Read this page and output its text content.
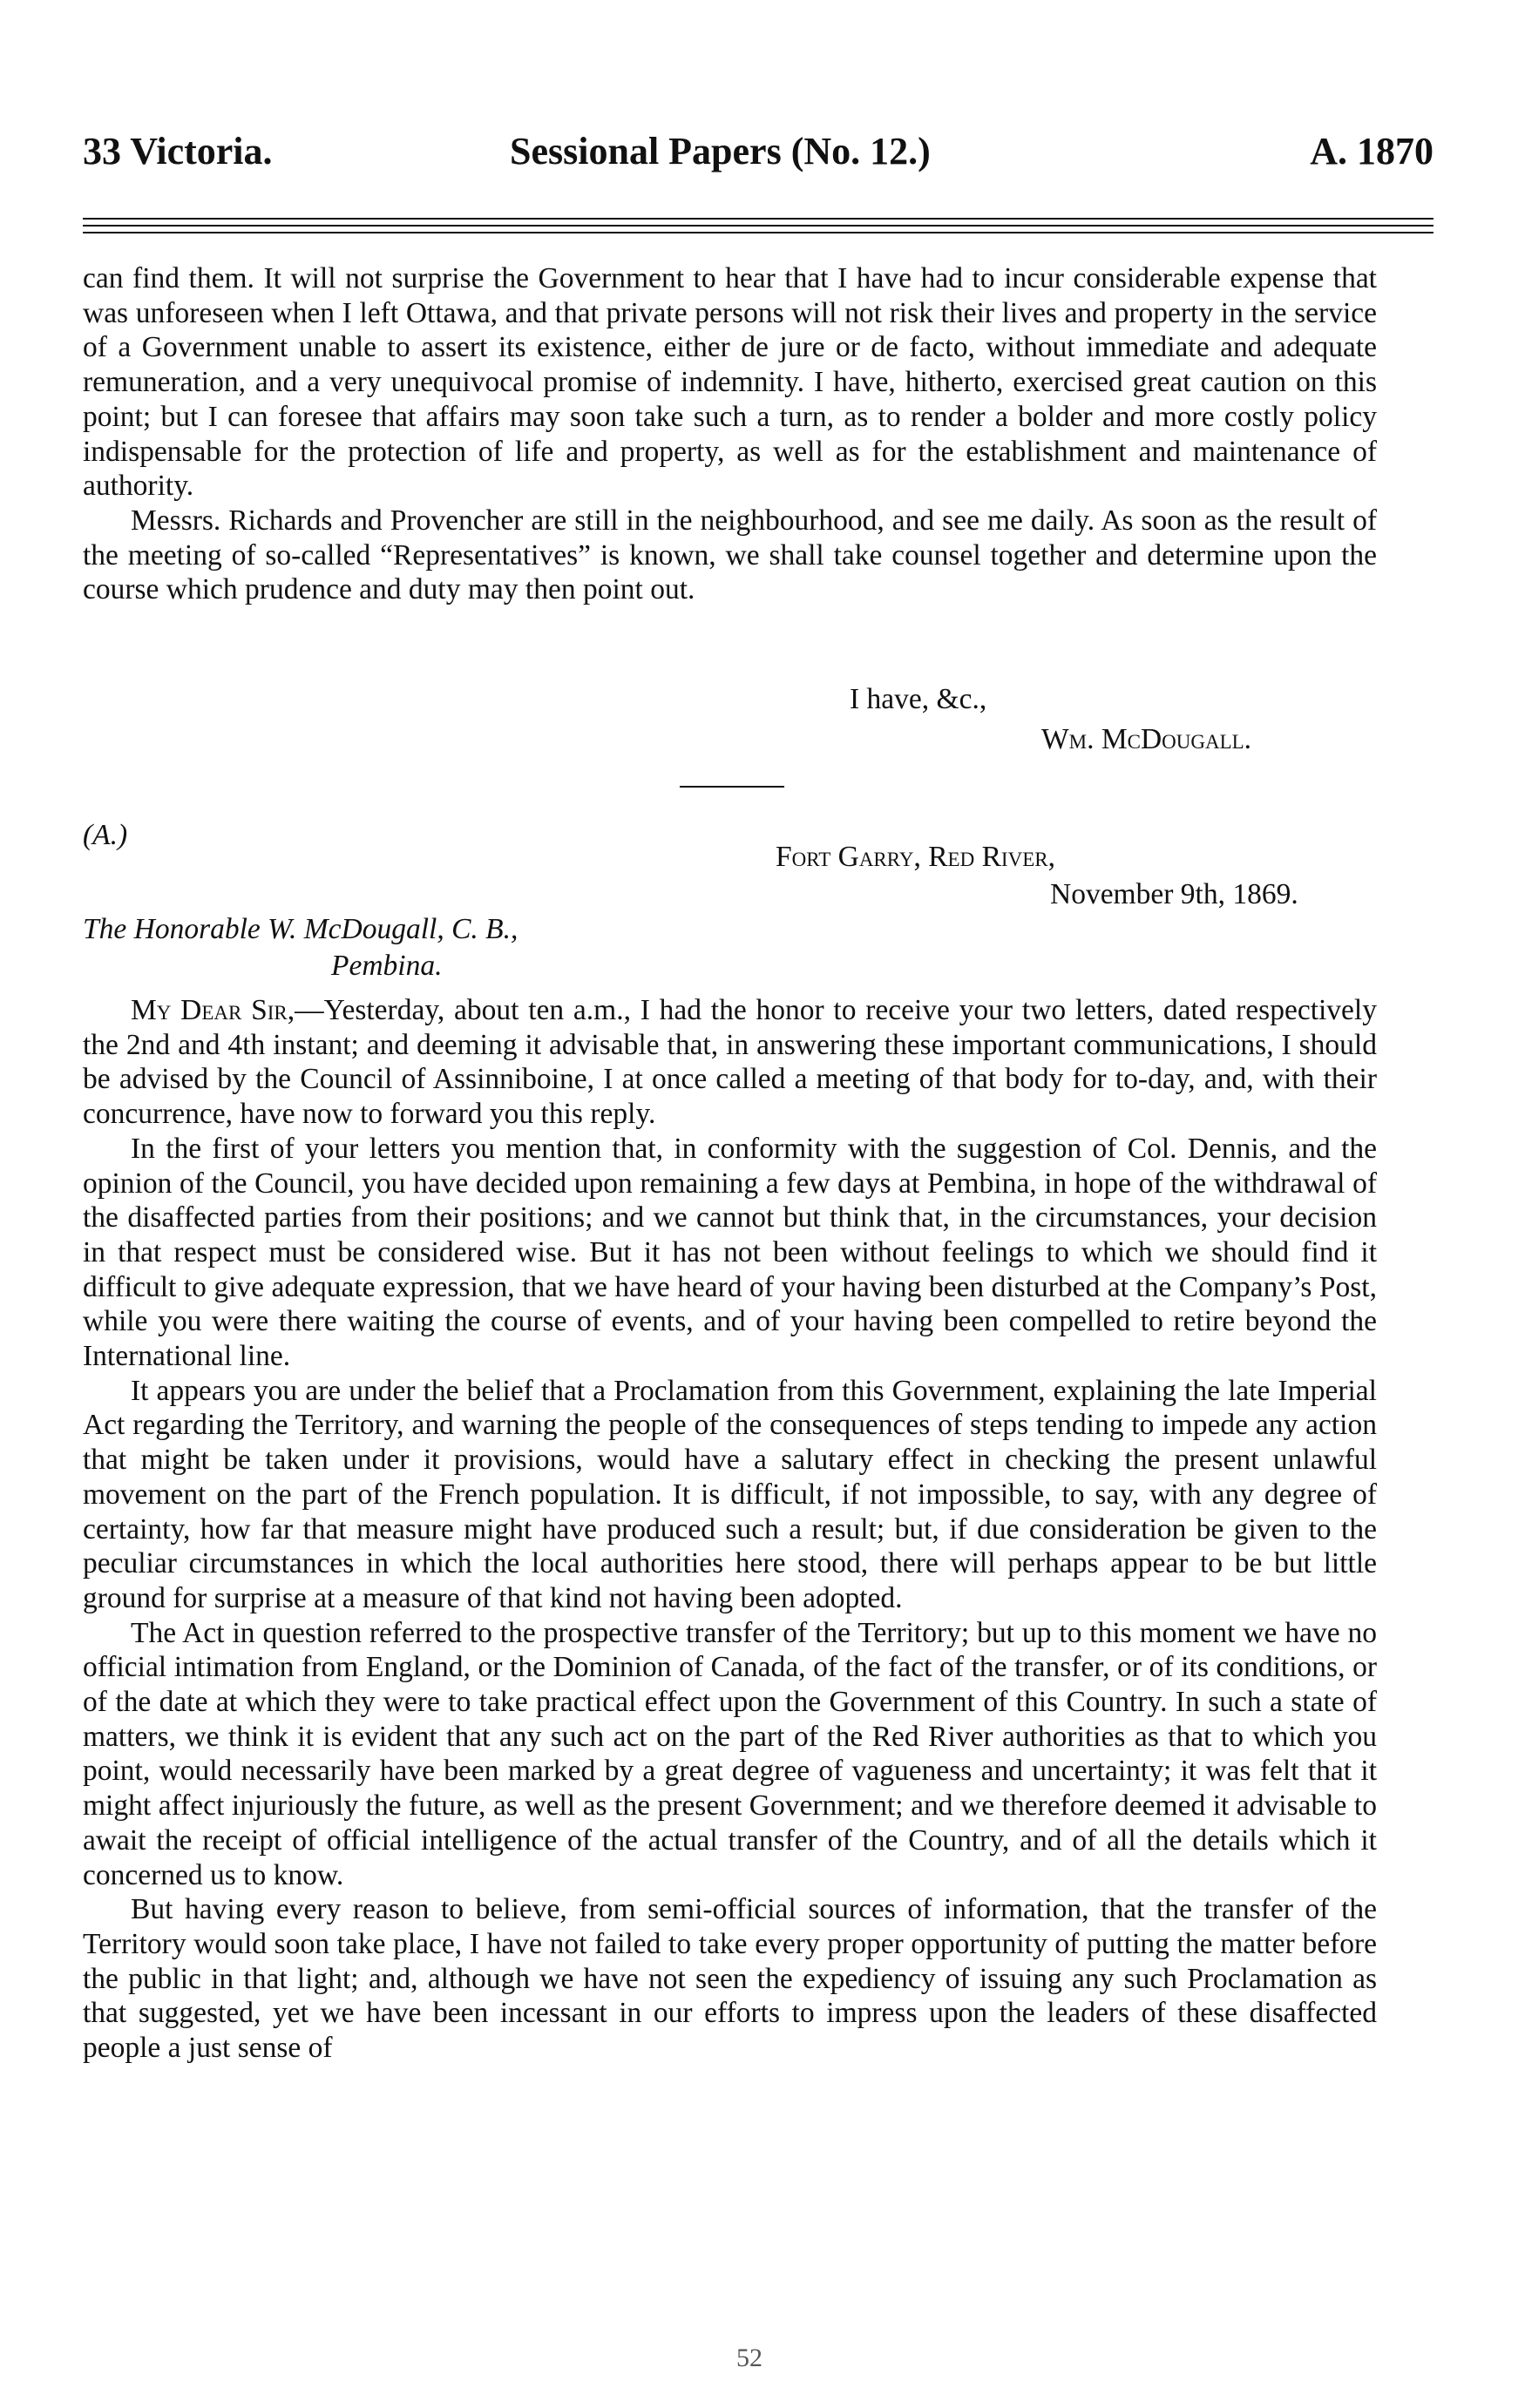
33 Victoria.	Sessional Papers (No. 12.)	A. 1870

can find them. It will not surprise the Government to hear that I have had to incur considerable expense that was unforeseen when I left Ottawa, and that private persons will not risk their lives and property in the service of a Government unable to assert its existence, either de jure or de facto, without immediate and adequate remuneration, and a very unequivocal promise of indemnity. I have, hitherto, exercised great caution on this point; but I can foresee that affairs may soon take such a turn, as to render a bolder and more costly policy indispensable for the protection of life and property, as well as for the establishment and maintenance of authority.

Messrs. Richards and Provencher are still in the neighbourhood, and see me daily. As soon as the result of the meeting of so-called “Representatives” is known, we shall take counsel together and determine upon the course which prudence and duty may then point out.

I have, &c.,
Wm. McDougall.
(A.)
Fort Garry, Red River,
November 9th, 1869.
The Honorable W. McDougall, C. B.,
Pembina.

My Dear Sir,—Yesterday, about ten a.m., I had the honor to receive your two letters, dated respectively the 2nd and 4th instant; and deeming it advisable that, in answering these important communications, I should be advised by the Council of Assinniboine, I at once called a meeting of that body for to-day, and, with their concurrence, have now to forward you this reply.

In the first of your letters you mention that, in conformity with the suggestion of Col. Dennis, and the opinion of the Council, you have decided upon remaining a few days at Pembina, in hope of the withdrawal of the disaffected parties from their positions; and we cannot but think that, in the circumstances, your decision in that respect must be considered wise. But it has not been without feelings to which we should find it difficult to give adequate expression, that we have heard of your having been disturbed at the Company’s Post, while you were there waiting the course of events, and of your having been compelled to retire beyond the International line.

It appears you are under the belief that a Proclamation from this Government, explaining the late Imperial Act regarding the Territory, and warning the people of the consequences of steps tending to impede any action that might be taken under it provisions, would have a salutary effect in checking the present unlawful movement on the part of the French population. It is difficult, if not impossible, to say, with any degree of certainty, how far that measure might have produced such a result; but, if due consideration be given to the peculiar circumstances in which the local authorities here stood, there will perhaps appear to be but little ground for surprise at a measure of that kind not having been adopted.

The Act in question referred to the prospective transfer of the Territory; but up to this moment we have no official intimation from England, or the Dominion of Canada, of the fact of the transfer, or of its conditions, or of the date at which they were to take practical effect upon the Government of this Country. In such a state of matters, we think it is evident that any such act on the part of the Red River authorities as that to which you point, would necessarily have been marked by a great degree of vagueness and uncertainty; it was felt that it might affect injuriously the future, as well as the present Government; and we therefore deemed it advisable to await the receipt of official intelligence of the actual transfer of the Country, and of all the details which it concerned us to know.

But having every reason to believe, from semi-official sources of information, that the transfer of the Territory would soon take place, I have not failed to take every proper opportunity of putting the matter before the public in that light; and, although we have not seen the expediency of issuing any such Proclamation as that suggested, yet we have been incessant in our efforts to impress upon the leaders of these disaffected people a just sense of

52
